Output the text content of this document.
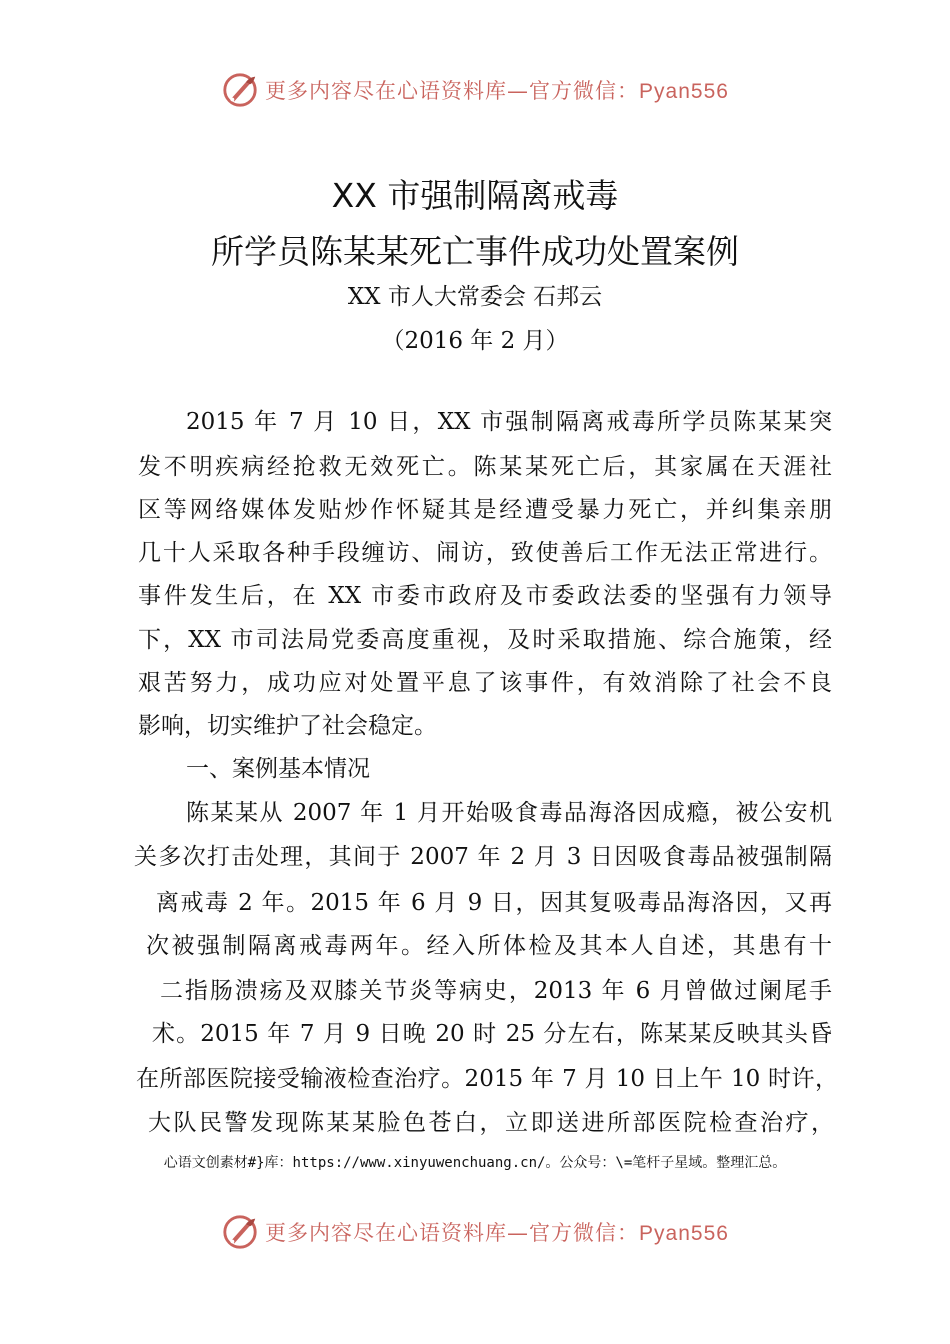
更多内容尽在心语资料库—官方微信：Pyan556
XX 市强制隔离戒毒
所学员陈某某死亡事件成功处置案例
XX 市人大常委会 石邦云
（2016 年 2 月）
2015 年 7 月 10 日，XX 市强制隔离戒毒所学员陈某某突
发不明疾病经抢救无效死亡。陈某某死亡后，其家属在天涯社
区等网络媒体发贴炒作怀疑其是经遭受暴力死亡，并纠集亲朋
几十人采取各种手段缠访、闹访，致使善后工作无法正常进行。
事件发生后，在 XX 市委市政府及市委政法委的坚强有力领导
下，XX 市司法局党委高度重视，及时采取措施、综合施策，经
艰苦努力，成功应对处置平息了该事件，有效消除了社会不良
影响，切实维护了社会稳定。
一、案例基本情况
陈某某从 2007 年 1 月开始吸食毒品海洛因成瘾，被公安机
关多次打击处理，其间于 2007 年 2 月 3 日因吸食毒品被强制隔
离戒毒 2 年。2015 年 6 月 9 日，因其复吸毒品海洛因，又再
次被强制隔离戒毒两年。经入所体检及其本人自述，其患有十
二指肠溃疡及双膝关节炎等病史，2013 年 6 月曾做过阑尾手
术。2015 年 7 月 9 日晚 20 时 25 分左右，陈某某反映其头昏
在所部医院接受输液检查治疗。2015 年 7 月 10 日上午 10 时许，
大队民警发现陈某某脸色苍白，立即送进所部医院检查治疗，
心语文创素材#}库：https://www.xinyuwenchuang.cn/。公众号：\=笔杆子星域。整理汇总。
更多内容尽在心语资料库—官方微信：Pyan556
